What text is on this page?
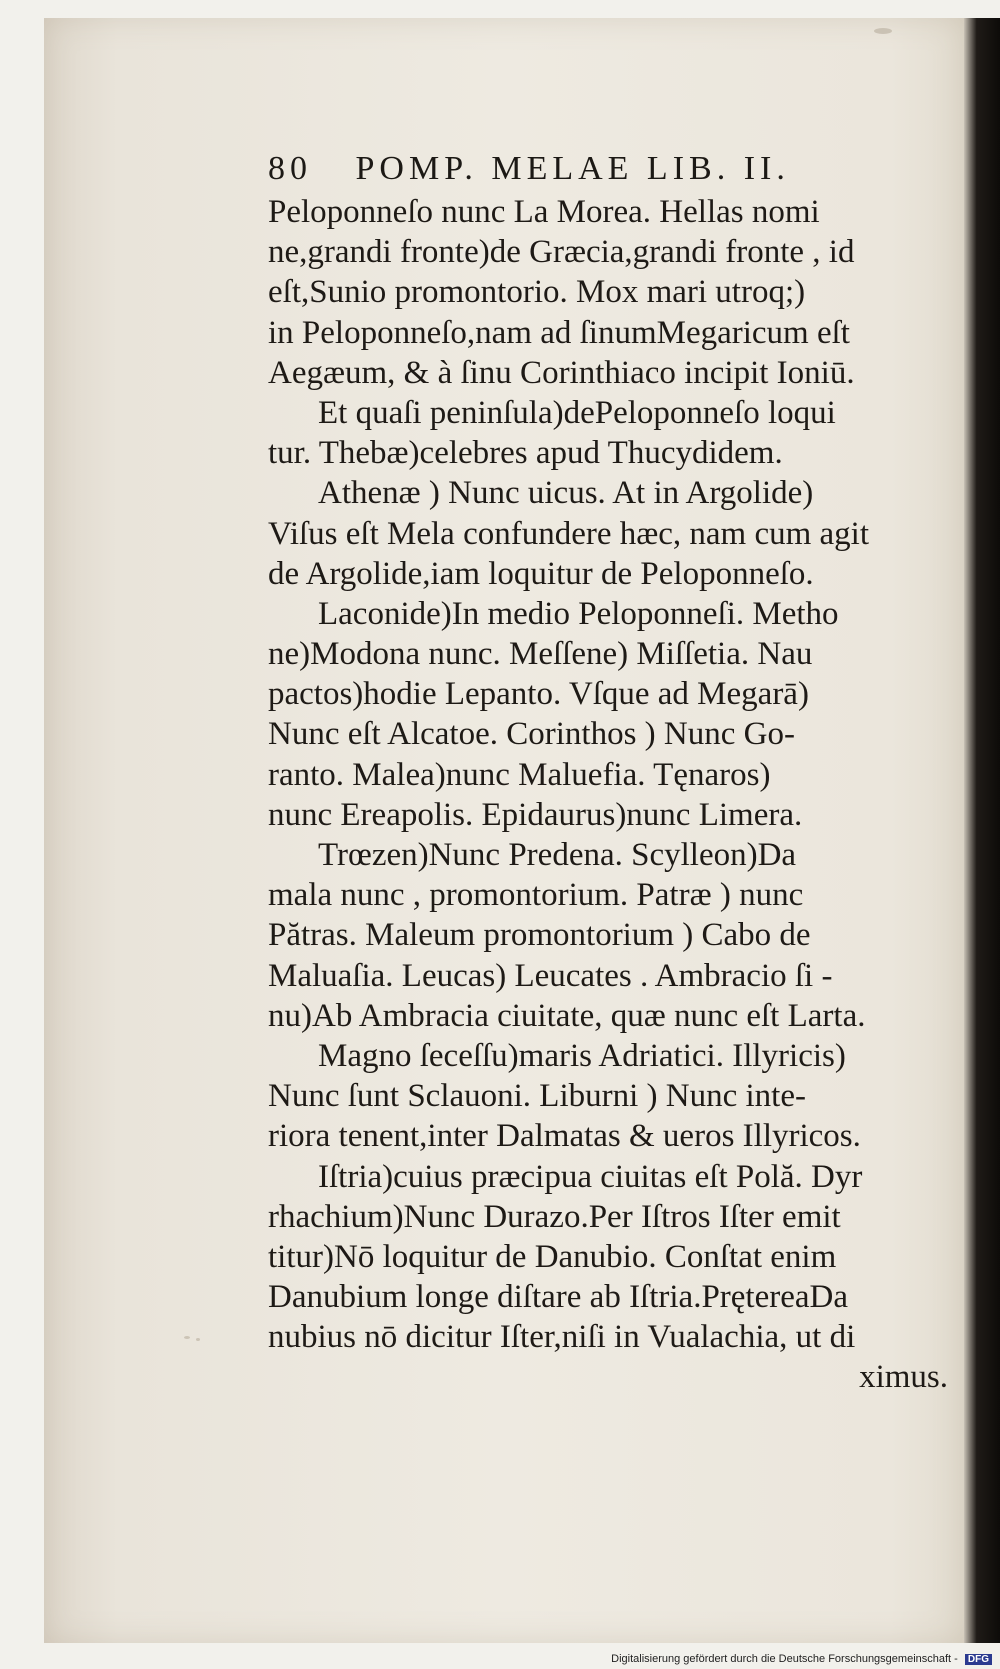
80 POMP. MELAE LIB. II.
Peloponneſo nunc La Morea. Hellas nomi
ne,grandi fronte)de Græcia,grandi fronte , id
eſt,Sunio promontorio. Mox mari utroq;)
in Peloponneſo,nam ad ſinumMegaricum eſt
Aegæum, & à ſinu Corinthiaco incipit Ioniū.
Et quaſi peninſula)dePeloponneſo loqui
tur. Thebæ)celebres apud Thucydidem.
Athenæ ) Nunc uicus. At in Argolide)
Viſus eſt Mela confundere hæc, nam cum agit
de Argolide,iam loquitur de Peloponneſo.
Laconide)In medio Peloponneſi. Metho
ne)Modona nunc. Meſſene) Miſſetia. Nau
pactos)hodie Lepanto. Vſque ad Megarā)
Nunc eſt Alcatoe. Corinthos ) Nunc Go-
ranto. Malea)nunc Maluefia. Tęnaros)
nunc Ereapolis. Epidaurus)nunc Limera.
Trœzen)Nunc Predena. Scylleon)Da
mala nunc , promontorium. Patræ ) nunc
Pătras. Maleum promontorium ) Cabo de
Maluaſia. Leucas) Leucates . Ambracio ſi -
nu)Ab Ambracia ciuitate, quæ nunc eſt Larta.
Magno ſeceſſu)maris Adriatici. Illyricis)
Nunc ſunt Sclauoni. Liburni ) Nunc inte-
riora tenent,inter Dalmatas & ueros Illyricos.
Iſtria)cuius præcipua ciuitas eſt Polă. Dyr
rhachium)Nunc Durazo.Per Iſtros Iſter emit
titur)Nō loquitur de Danubio. Conſtat enim
Danubium longe diſtare ab Iſtria.PrętereaDa
nubius nō dicitur Iſter,niſi in Vualachia, ut di
ximus.
Digitalisierung gefördert durch die Deutsche Forschungsgemeinschaft - DFG
